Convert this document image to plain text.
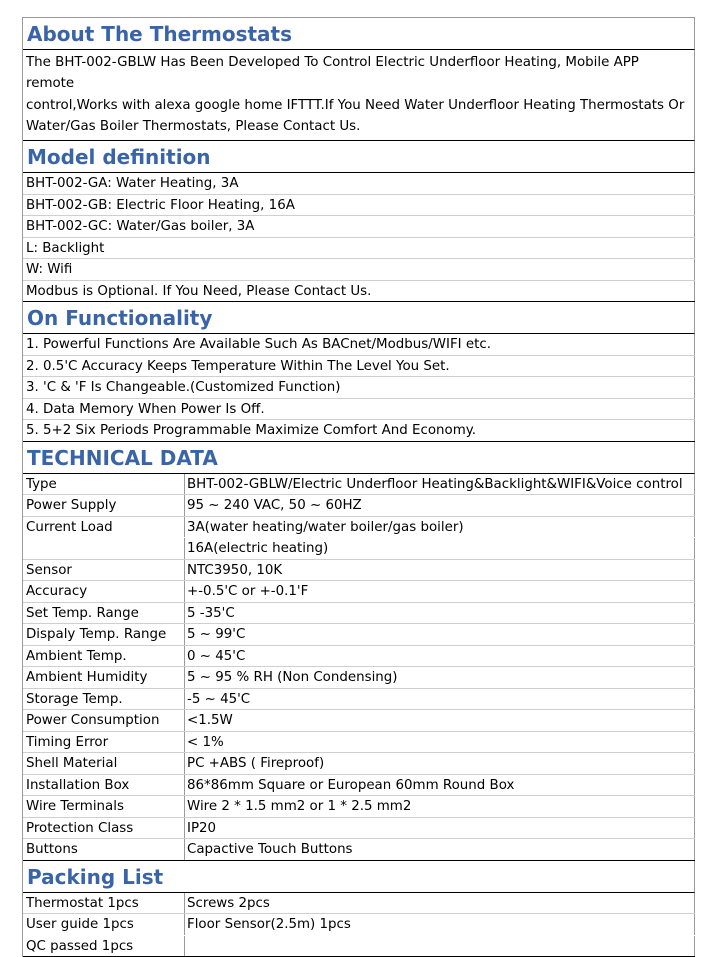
About The Thermostats
The BHT-002-GBLW Has Been Developed To Control Electric Underfloor Heating, Mobile APP remote
control,Works with alexa google home IFTTT.If You Need Water Underfloor Heating Thermostats Or
Water/Gas Boiler Thermostats, Please Contact Us.
Model definition
BHT-002-GA: Water Heating, 3A
BHT-002-GB: Electric Floor Heating, 16A
BHT-002-GC: Water/Gas boiler, 3A
L: Backlight
W: Wifi
Modbus is Optional. If You Need, Please Contact Us.
On Functionality
1. Powerful Functions Are Available Such As BACnet/Modbus/WIFI etc.
2. 0.5'C Accuracy Keeps Temperature Within The Level You Set.
3. 'C & 'F Is Changeable.(Customized Function)
4. Data Memory When Power Is Off.
5. 5+2 Six Periods Programmable Maximize Comfort And Economy.
TECHNICAL DATA
Type	BHT-002-GBLW/Electric Underfloor Heating&Backlight&WIFI&Voice control
Power Supply	95 ~ 240 VAC, 50 ~ 60HZ
Current Load	3A(water heating/water boiler/gas boiler)
16A(electric heating)
Sensor	NTC3950, 10K
Accuracy	+-0.5'C or +-0.1'F
Set Temp. Range	5 -35'C
Dispaly Temp. Range	5 ~ 99'C
Ambient Temp.	0 ~ 45'C
Ambient Humidity	5 ~ 95 % RH (Non Condensing)
Storage Temp.	-5 ~ 45'C
Power Consumption	<1.5W
Timing Error	< 1%
Shell Material	PC +ABS ( Fireproof)
Installation Box	86*86mm Square or European 60mm Round Box
Wire Terminals	Wire 2 * 1.5 mm2 or 1 * 2.5 mm2
Protection Class	IP20
Buttons	Capactive Touch Buttons
Packing List
Thermostat 1pcs	Screws 2pcs
User guide 1pcs	Floor Sensor(2.5m) 1pcs
QC passed 1pcs
